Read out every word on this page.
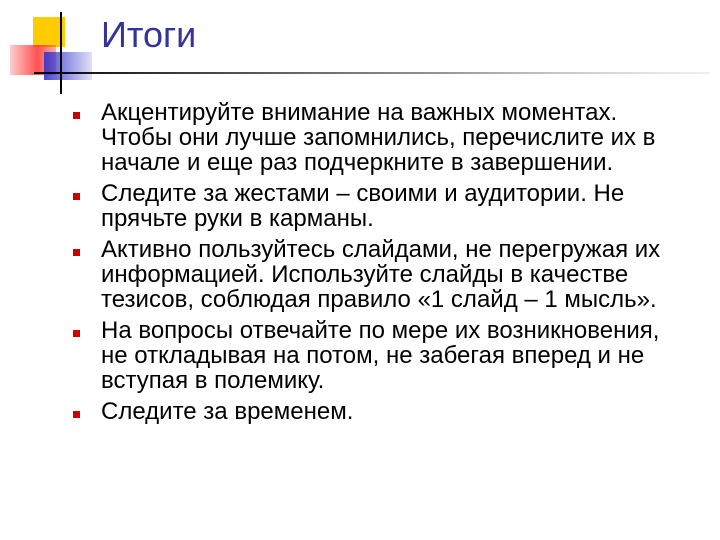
Итоги
Акцентируйте внимание на важных моментах. Чтобы они лучше запомнились, перечислите их в начале и еще раз подчеркните в завершении.
Следите за жестами – своими и аудитории. Не прячьте руки в карманы.
Активно пользуйтесь слайдами, не перегружая их информацией. Используйте слайды в качестве тезисов, соблюдая правило «1 слайд – 1 мысль».
На вопросы отвечайте по мере их возникновения, не откладывая на потом, не забегая вперед и не вступая в полемику.
Следите за временем.
